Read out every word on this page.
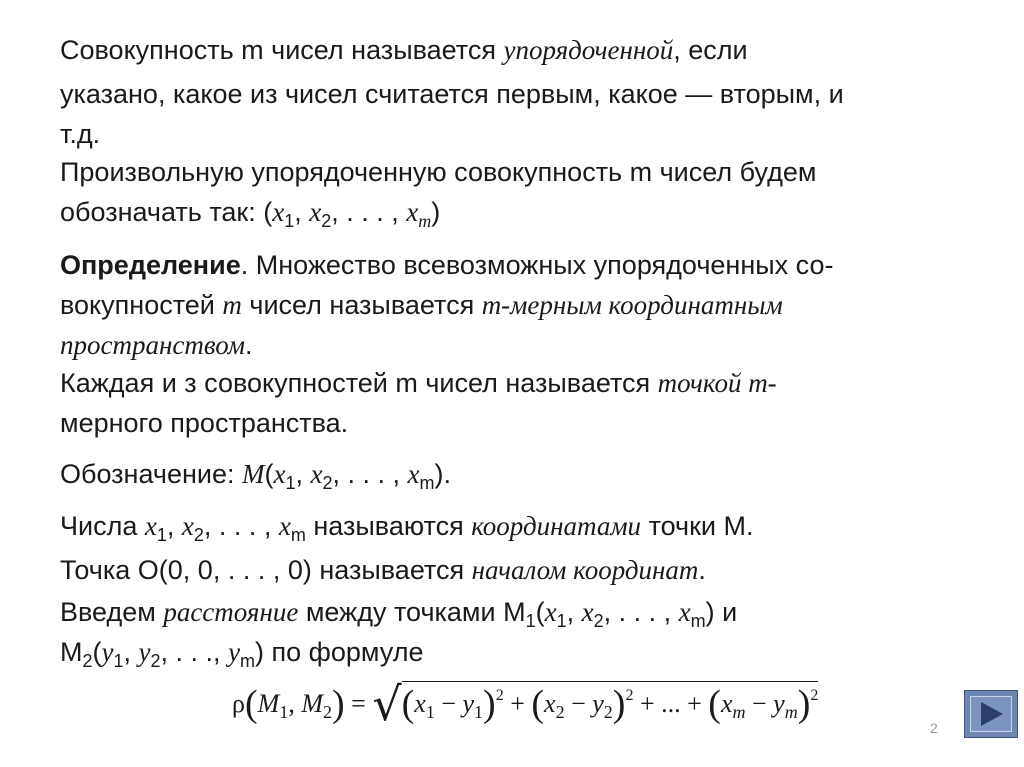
Совокупность m чисел называется упорядоченной, если
указано, какое из чисел считается первым, какое — вторым, и
т.д.
Произвольную упорядоченную совокупность m чисел будем
обозначать так: ($x_1$, $x_2$, . . . , $x_m$)
Определение. Множество всевозможных упорядоченных со-
вокупностей m чисел называется m-мерным координатным
пространством.
Каждая и з совокупностей m чисел называется точкой m-
мерного пространства.
Обозначение: $M(x_1$, $x_2$, . . . , $x_m$).
Числа $x_1$, $x_2$, . . . , $x_m$ называются координатами точки M.
Точка O(0, 0, . . . , 0) называется началом координат.
Введем расстояние между точками $M_1(x_1$, $x_2$, . . . , $x_m$) и
$M_2(y_1$, $y_2$, . . ., $y_m$) по формуле
$\rho(M_1$, $M_2) = √(x_1 - y_1)^2 + (x_2 - y_2)^2$ + ... + $(x_m - y_m)^2$
2
